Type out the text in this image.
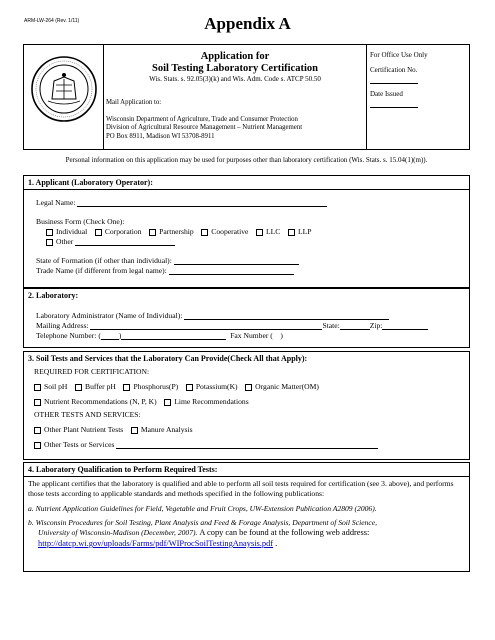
ARM-LW-264 (Rev. 1/11)	Appendix A
Application for
Soil Testing Laboratory Certification
Wis. Stats. s. 92.05(3)(k) and Wis. Adm. Code s. ATCP 50.50
Mail Application to:
Wisconsin Department of Agriculture, Trade and Consumer Protection
Division of Agricultural Resource Management – Nutrient Management
PO Box 8911, Madison WI 53708-8911
For Office Use Only
Certification No.
Date Issued
Personal information on this application may be used for purposes other than laboratory certification (Wis. Stats. s. 15.04(1)(m)).
1. Applicant (Laboratory Operator):
Legal Name:
Business Form (Check One):
Individual Corporation Partnership Cooperative LLC LLP
Other
State of Formation (if other than individual):
Trade Name (if different from legal name):
2. Laboratory:
Laboratory Administrator (Name of Individual):
Mailing Address:	State:	Zip:
Telephone Number: ( )	Fax Number (    )
3. Soil Tests and Services that the Laboratory Can Provide(Check All that Apply):
REQUIRED FOR CERTIFICATION:
Soil pH Buffer pH Phosphorus(P) Potassium(K) Organic Matter(OM)
Nutrient Recommendations (N, P, K) Lime Recommendations
OTHER TESTS AND SERVICES:
Other Plant Nutrient Tests Manure Analysis
Other Tests or Services
4. Laboratory Qualification to Perform Required Tests:
The applicant certifies that the laboratory is qualified and able to perform all soil tests required for certification (see 3. above), and performs those tests according to applicable standards and methods specified in the following publications:
a. Nutrient Application Guidelines for Field, Vegetable and Fruit Crops, UW-Extension Publication A2809 (2006).
b. Wisconsin Procedures for Soil Testing, Plant Analysis and Feed & Forage Analysis, Department of Soil Science,
University of Wisconsin-Madison (December, 2007). A copy can be found at the following web address:
http://datcp.wi.gov/uploads/Farms/pdf/WIProcSoilTestingAnaysis.pdf .
